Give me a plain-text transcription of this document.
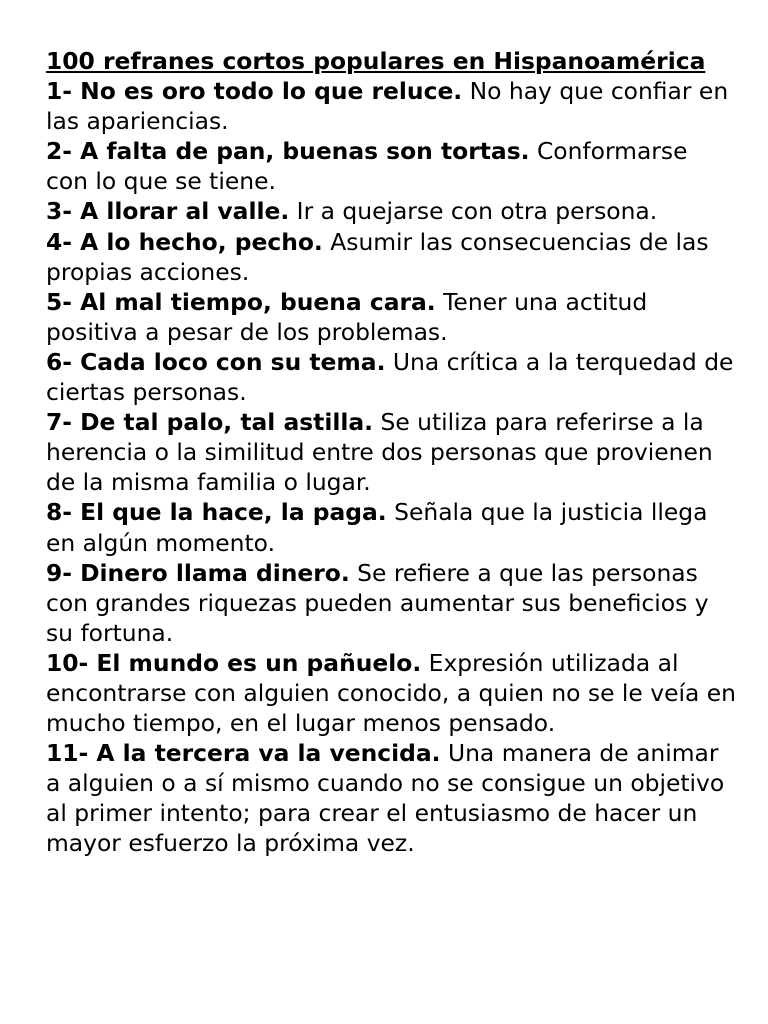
100 refranes cortos populares en Hispanoamérica

1- No es oro todo lo que reluce. No hay que confiar en las apariencias.

2- A falta de pan, buenas son tortas. Conformarse con lo que se tiene.

3- A llorar al valle. Ir a quejarse con otra persona.

4- A lo hecho, pecho. Asumir las consecuencias de las propias acciones.

5- Al mal tiempo, buena cara. Tener una actitud positiva a pesar de los problemas.

6- Cada loco con su tema. Una crítica a la terquedad de ciertas personas.

7- De tal palo, tal astilla. Se utiliza para referirse a la herencia o la similitud entre dos personas que provienen de la misma familia o lugar.

8- El que la hace, la paga. Señala que la justicia llega en algún momento.

9- Dinero llama dinero. Se refiere a que las personas con grandes riquezas pueden aumentar sus beneficios y su fortuna.

10- El mundo es un pañuelo. Expresión utilizada al encontrarse con alguien conocido, a quien no se le veía en mucho tiempo, en el lugar menos pensado.

11- A la tercera va la vencida. Una manera de animar a alguien o a sí mismo cuando no se consigue un objetivo al primer intento; para crear el entusiasmo de hacer un mayor esfuerzo la próxima vez.
